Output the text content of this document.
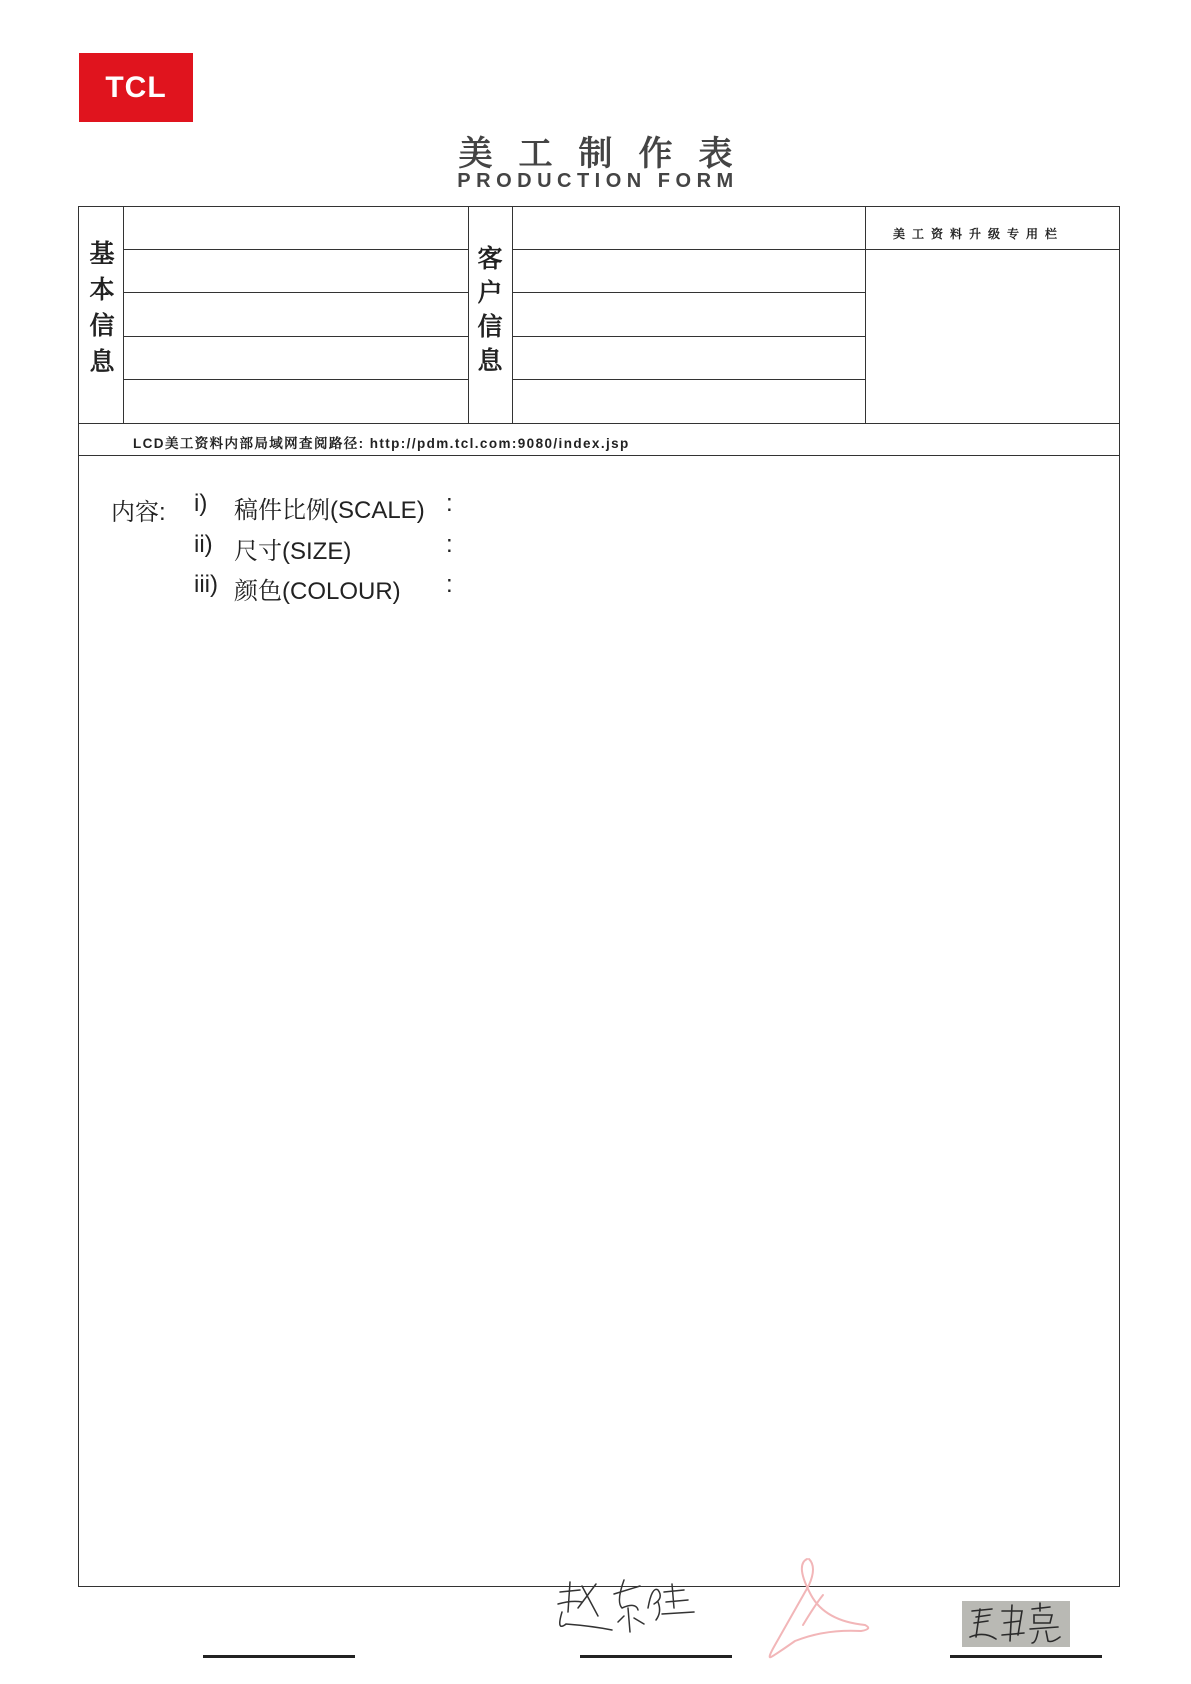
TCL
美工制作表
PRODUCTION FORM
基本信息
客户信息
美工资料升级专用栏
LCD美工资料内部局域网查阅路径: http://pdm.tcl.com:9080/index.jsp
内容: i) 稿件比例(SCALE) :
ii) 尺寸(SIZE)	:
iii) 颜色(COLOUR) :
